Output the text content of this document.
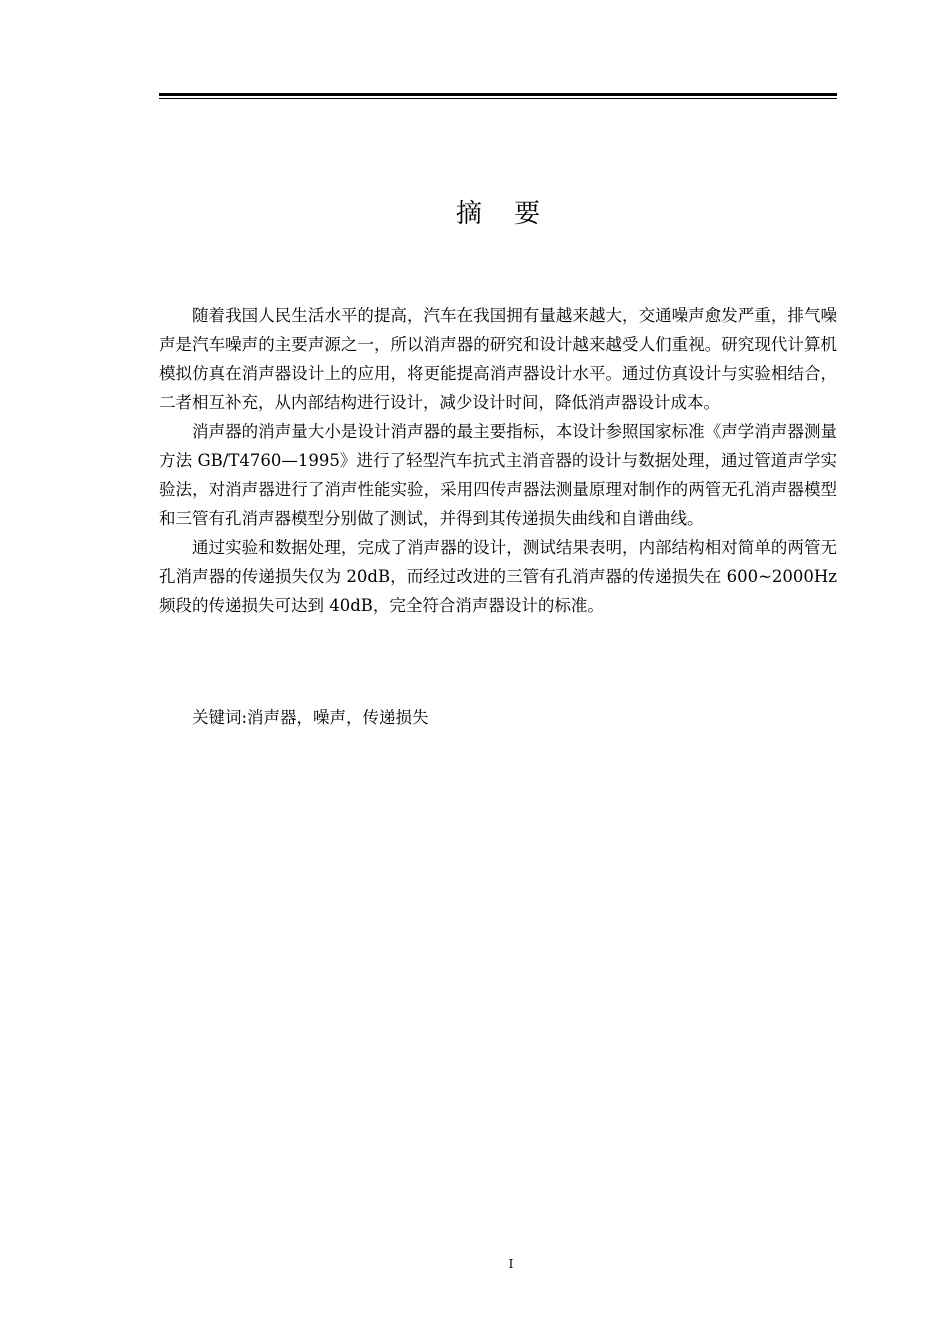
摘 要

随着我国人民生活水平的提高，汽车在我国拥有量越来越大，交通噪声愈发严重，排气噪声是汽车噪声的主要声源之一，所以消声器的研究和设计越来越受人们重视。研究现代计算机模拟仿真在消声器设计上的应用，将更能提高消声器设计水平。通过仿真设计与实验相结合，二者相互补充，从内部结构进行设计，减少设计时间，降低消声器设计成本。

消声器的消声量大小是设计消声器的最主要指标，本设计参照国家标准《声学消声器测量方法 GB/T4760—1995》进行了轻型汽车抗式主消音器的设计与数据处理，通过管道声学实验法，对消声器进行了消声性能实验，采用四传声器法测量原理对制作的两管无孔消声器模型和三管有孔消声器模型分别做了测试，并得到其传递损失曲线和自谱曲线。

通过实验和数据处理，完成了消声器的设计，测试结果表明，内部结构相对简单的两管无孔消声器的传递损失仅为 20dB，而经过改进的三管有孔消声器的传递损失在 600~2000Hz 频段的传递损失可达到 40dB，完全符合消声器设计的标准。

关键词:消声器，噪声，传递损失
I
